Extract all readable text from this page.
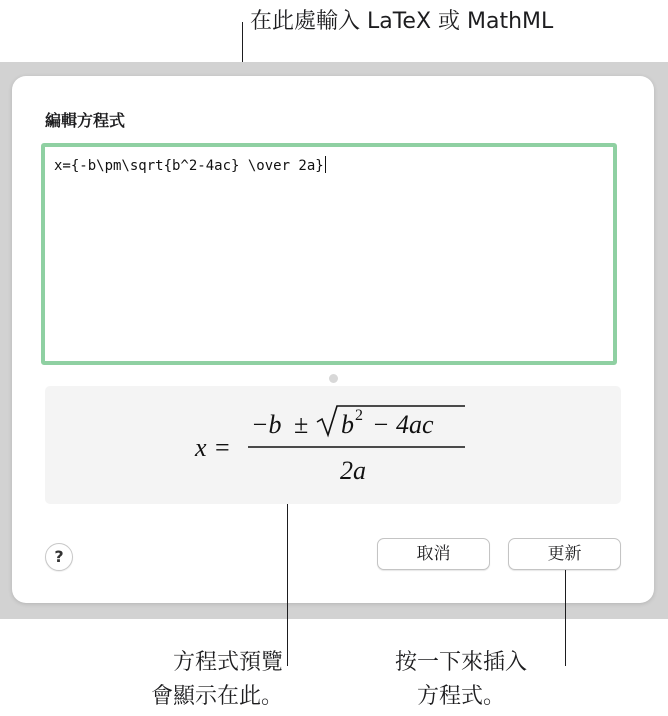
在此處輸入 LaTeX 或 MathML
編輯方程式
x={-b\pm\sqrt{b^2-4ac} \over 2a}
x =
−b ± b 2 − 4ac
2a
?	取消	更新
方程式預覽
會顯示在此。
按一下來插入
方程式。
